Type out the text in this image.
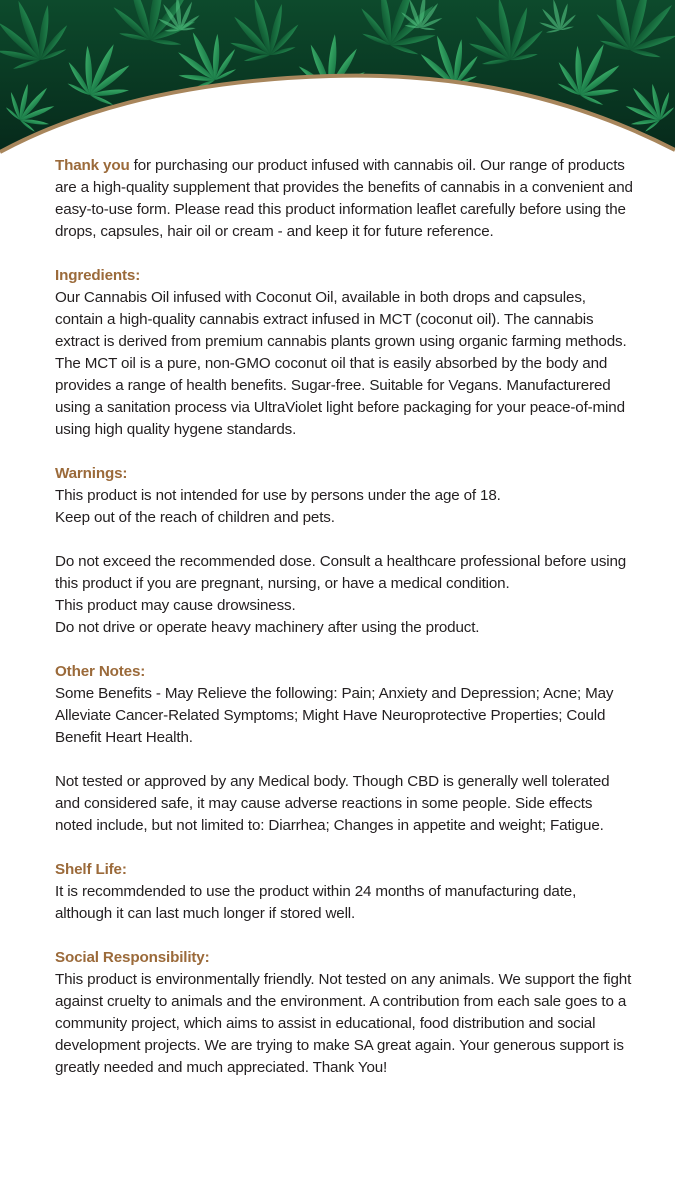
Thank you for purchasing our product infused with cannabis oil. Our range of products are a high-quality supplement that provides the benefits of cannabis in a convenient and easy-to-use form. Please read this product information leaflet carefully before using the drops, capsules, hair oil or cream - and keep it for future reference.

Ingredients:

Our Cannabis Oil infused with Coconut Oil, available in both drops and capsules, contain a high-quality cannabis extract infused in MCT (coconut oil). The cannabis extract is derived from premium cannabis plants grown using organic farming methods. The MCT oil is a pure, non-GMO coconut oil that is easily absorbed by the body and provides a range of health benefits. Sugar-free. Suitable for Vegans. Manufacturered using a sanitation process via UltraViolet light before packaging for your peace-of-mind using high quality hygene standards.

Warnings:

This product is not intended for use by persons under the age of 18.

Keep out of the reach of children and pets.

Do not exceed the recommended dose. Consult a healthcare professional before using this product if you are pregnant, nursing, or have a medical condition.

This product may cause drowsiness.

Do not drive or operate heavy machinery after using the product.

Other Notes:

Some Benefits - May Relieve the following: Pain; Anxiety and Depression; Acne; May Alleviate Cancer-Related Symptoms; Might Have Neuroprotective Properties; Could Benefit Heart Health.

Not tested or approved by any Medical body. Though CBD is generally well tolerated and considered safe, it may cause adverse reactions in some people. Side effects noted include, but not limited to: Diarrhea; Changes in appetite and weight; Fatigue.

Shelf Life:

It is recommdended to use the product within 24 months of manufacturing date, although it can last much longer if stored well.

Social Responsibility:

This product is environmentally friendly. Not tested on any animals. We support the fight against cruelty to animals and the environment. A contribution from each sale goes to a community project, which aims to assist in educational, food distribution and social development projects. We are trying to make SA great again. Your generous support is greatly needed and much appreciated. Thank You!
